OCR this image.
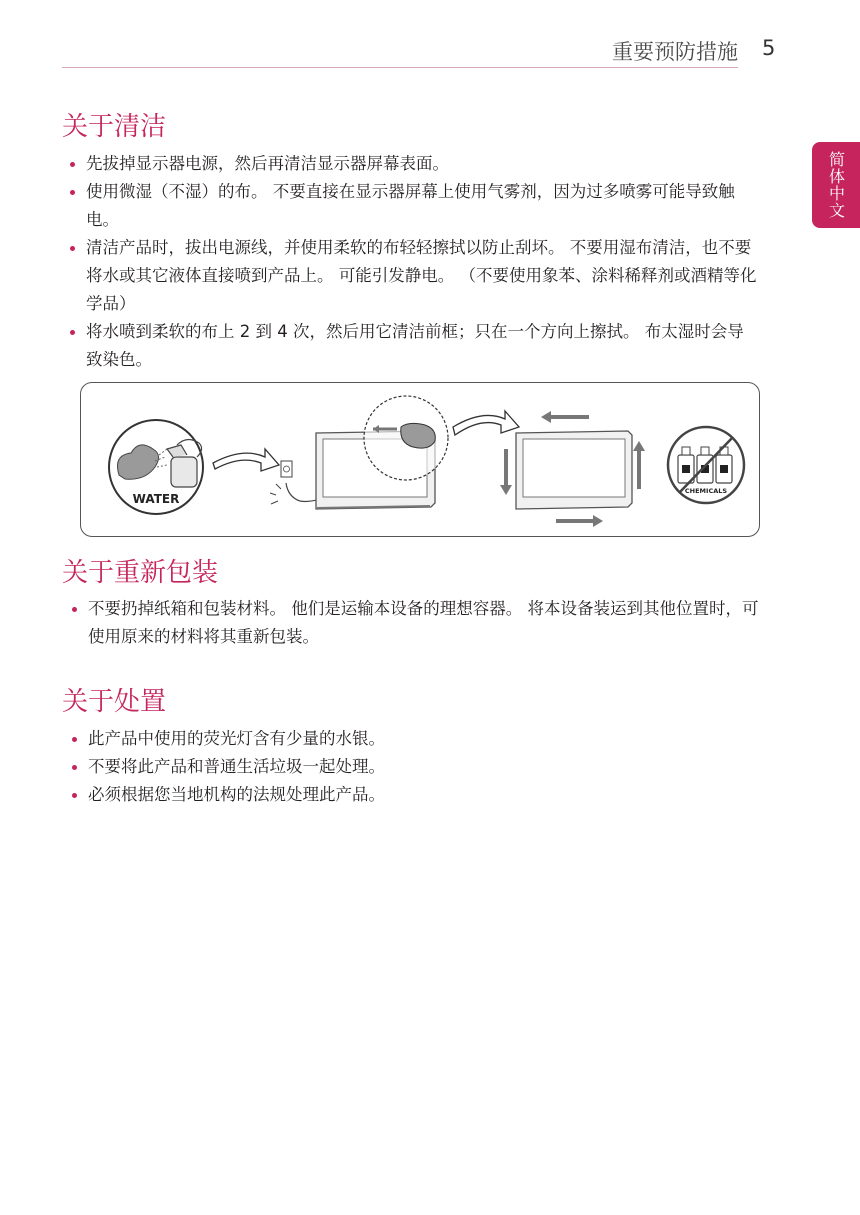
重要预防措施 5
简体中文
关于清洁
先拔掉显示器电源，然后再清洁显示器屏幕表面。
使用微湿（不湿）的布。 不要直接在显示器屏幕上使用气雾剂，因为过多喷雾可能导致触电。
清洁产品时，拔出电源线，并使用柔软的布轻轻擦拭以防止刮坏。 不要用湿布清洁，也不要将水或其它液体直接喷到产品上。 可能引发静电。 （不要使用象苯、涂料稀释剂或酒精等化学品）
将水喷到柔软的布上 2 到 4 次，然后用它清洁前框；只在一个方向上擦拭。 布太湿时会导致染色。
WATER
CHEMICALS
关于重新包装
不要扔掉纸箱和包装材料。 他们是运输本设备的理想容器。 将本设备装运到其他位置时，可使用原来的材料将其重新包装。
关于处置
此产品中使用的荧光灯含有少量的水银。
不要将此产品和普通生活垃圾一起处理。
必须根据您当地机构的法规处理此产品。
